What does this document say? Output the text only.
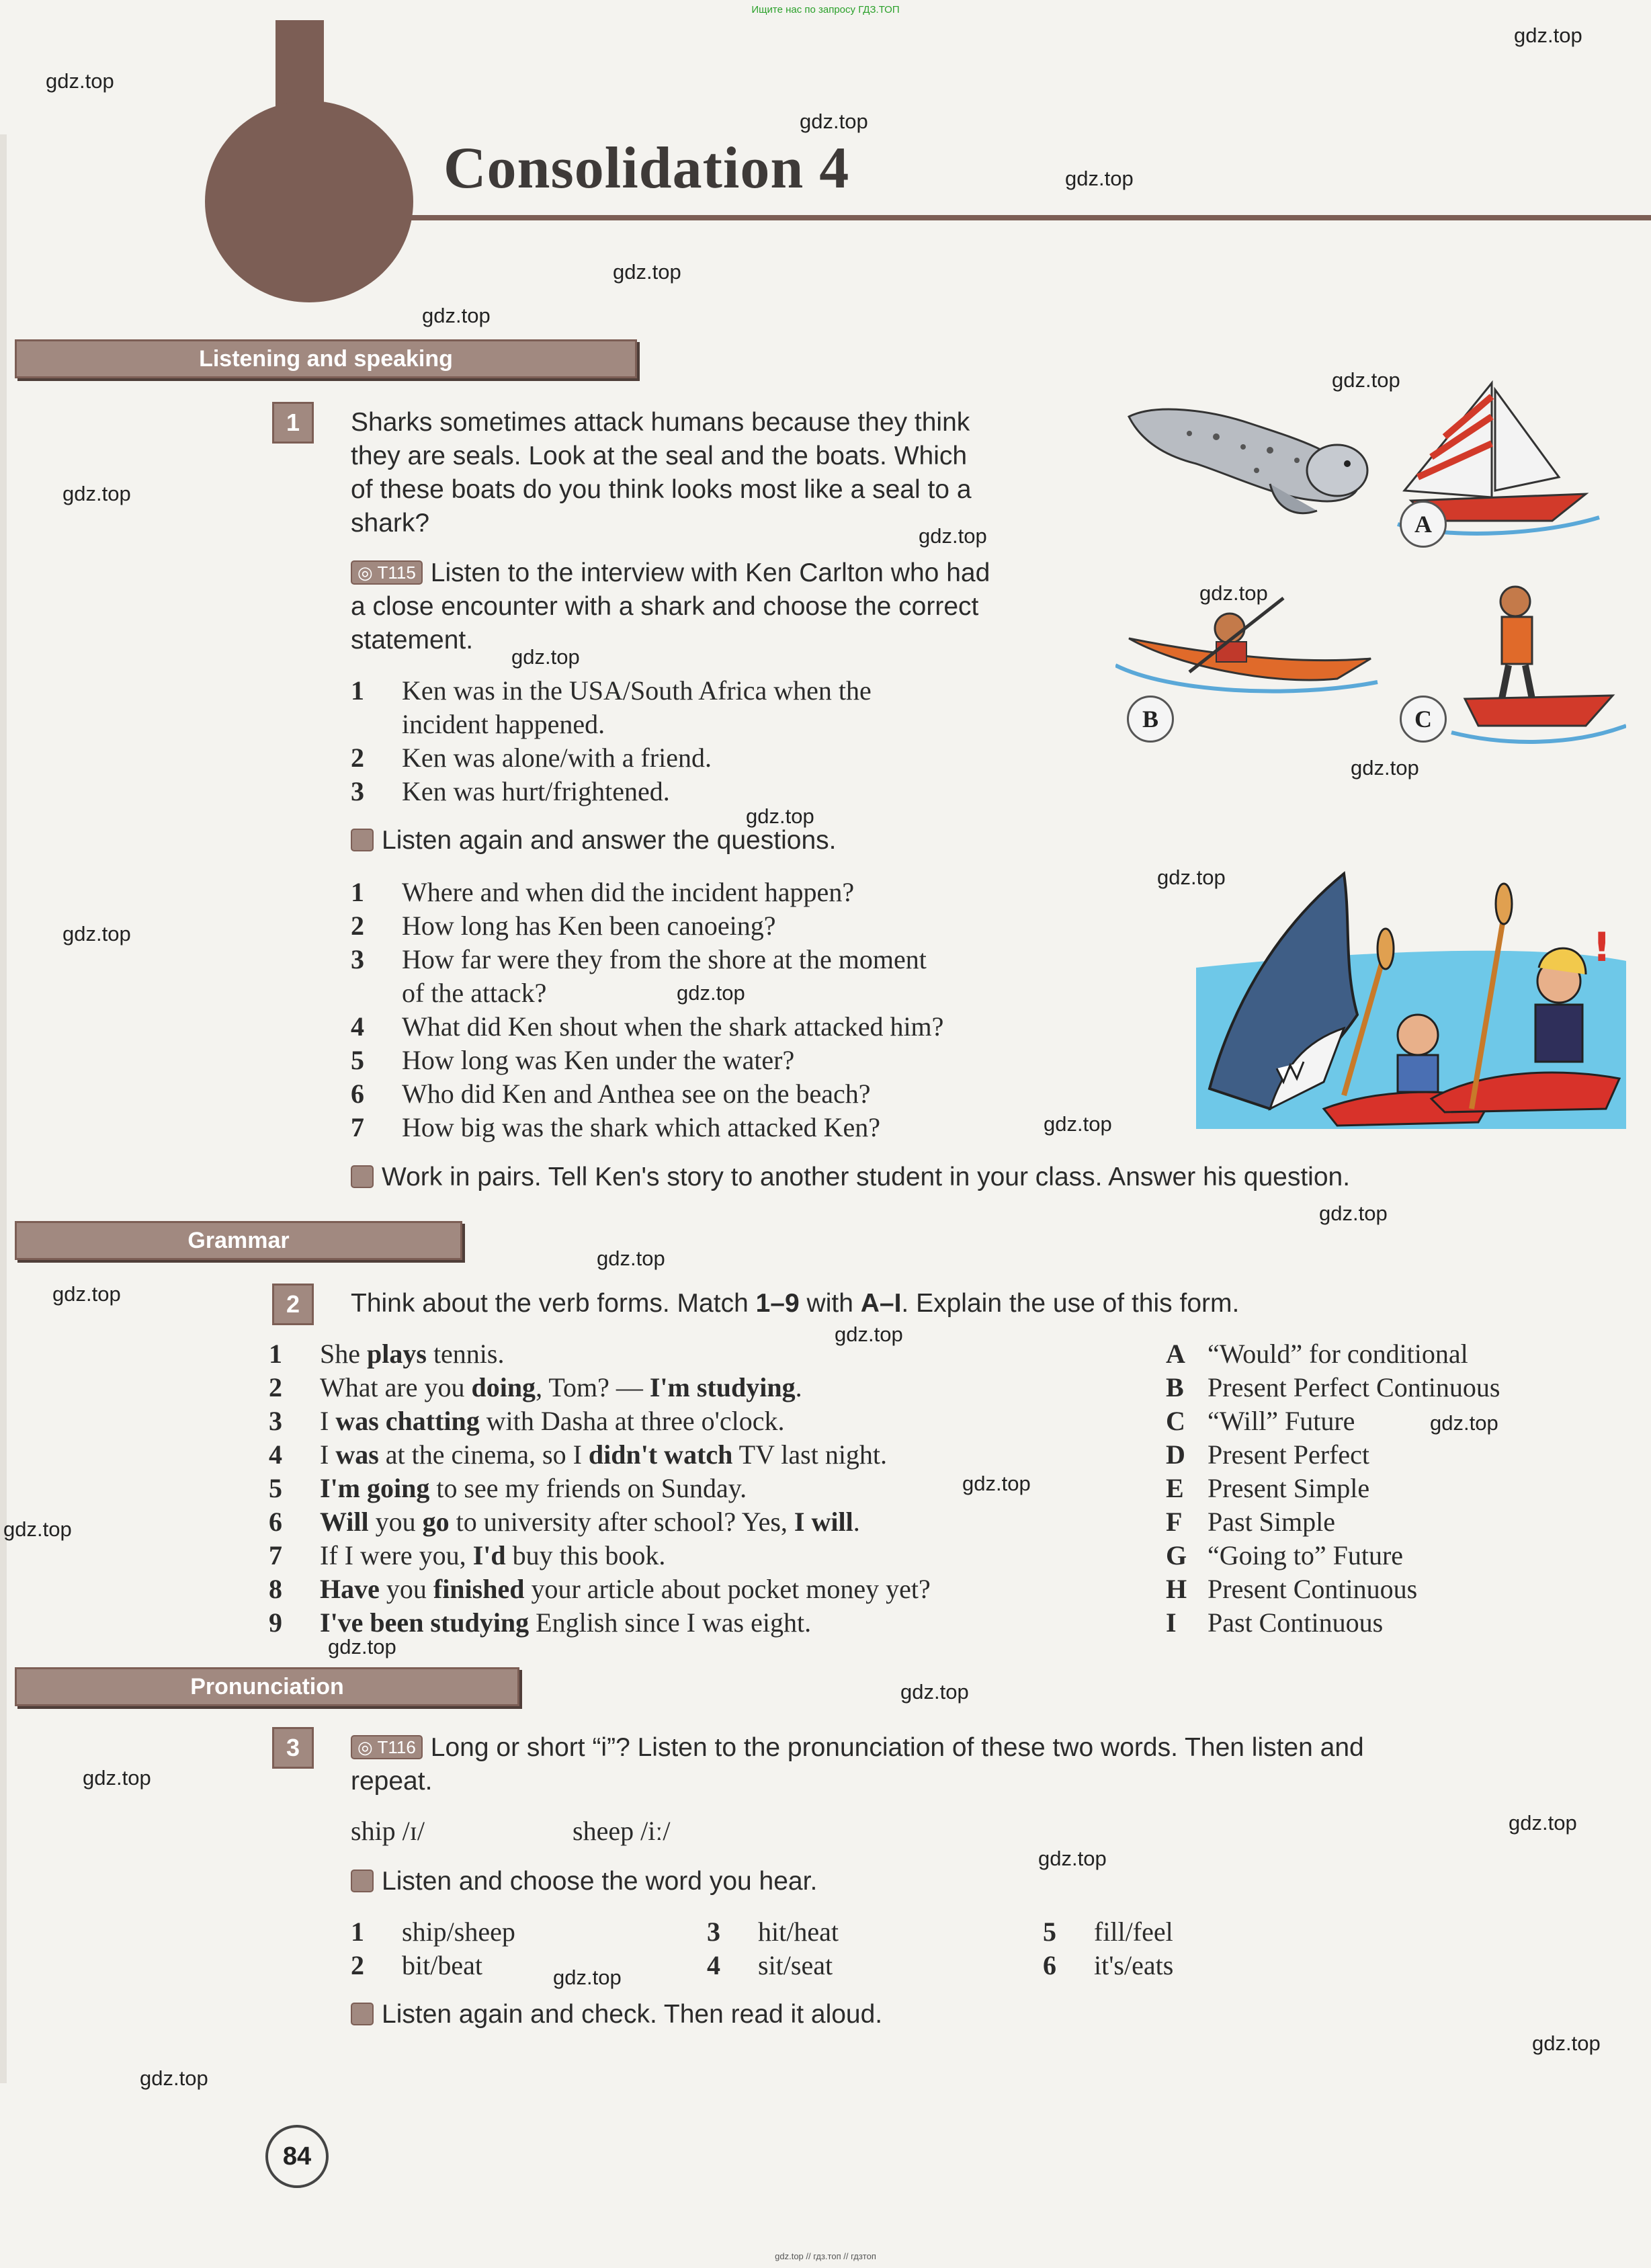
Ищите нас по запросу ГДЗ.ТОП
Consolidation 4
Listening and speaking
1	Sharks sometimes attack humans because they think
they are seals. Look at the seal and the boats. Which
of these boats do you think looks most like a seal to a
shark?
◎ T115 Listen to the interview with Ken Carlton who had
a close encounter with a shark and choose the correct
statement.
1 Ken was in the USA/South Africa when the
incident happened.
2 Ken was alone/with a friend.
3 Ken was hurt/frightened.
Listen again and answer the questions.
1 Where and when did the incident happen?
2 How long has Ken been canoeing?
3 How far were they from the shore at the moment
of the attack?
4 What did Ken shout when the shark attacked him?
5 How long was Ken under the water?
6 Who did Ken and Anthea see on the beach?
7 How big was the shark which attacked Ken?
Work in pairs. Tell Ken's story to another student in your class. Answer his question.
A
B	C
!
Grammar
2	Think about the verb forms. Match 1–9 with A–I. Explain the use of this form.
1 She plays tennis.
2 What are you doing, Tom? — I'm studying.
3 I was chatting with Dasha at three o'clock.
4 I was at the cinema, so I didn't watch TV last night.
5 I'm going to see my friends on Sunday.
6 Will you go to university after school? Yes, I will.
7 If I were you, I'd buy this book.
8 Have you finished your article about pocket money yet?
9 I've been studying English since I was eight.
A “Would” for conditional
B Present Perfect Continuous
C “Will” Future
D Present Perfect
E Present Simple
F Past Simple
G “Going to” Future
H Present Continuous
I Past Continuous
Pronunciation
3	◎ T116 Long or short “i”? Listen to the pronunciation of these two words. Then listen and
repeat.
ship /ɪ/	sheep /iː/
Listen and choose the word you hear.
1 ship/sheep
2 bit/beat
3 hit/heat
4 sit/seat
5 fill/feel
6 it's/eats
Listen again and check. Then read it aloud.
84
gdz.top // гдз.топ // гдзтоп
gdz.top
gdz.top
gdz.top
gdz.top
gdz.top
gdz.top
gdz.top
gdz.top
gdz.top
gdz.top
gdz.top
gdz.top
gdz.top
gdz.top
gdz.top
gdz.top
gdz.top
gdz.top
gdz.top
gdz.top
gdz.top
gdz.top
gdz.top
gdz.top
gdz.top
gdz.top
gdz.top
gdz.top
gdz.top
gdz.top
gdz.top
gdz.top
